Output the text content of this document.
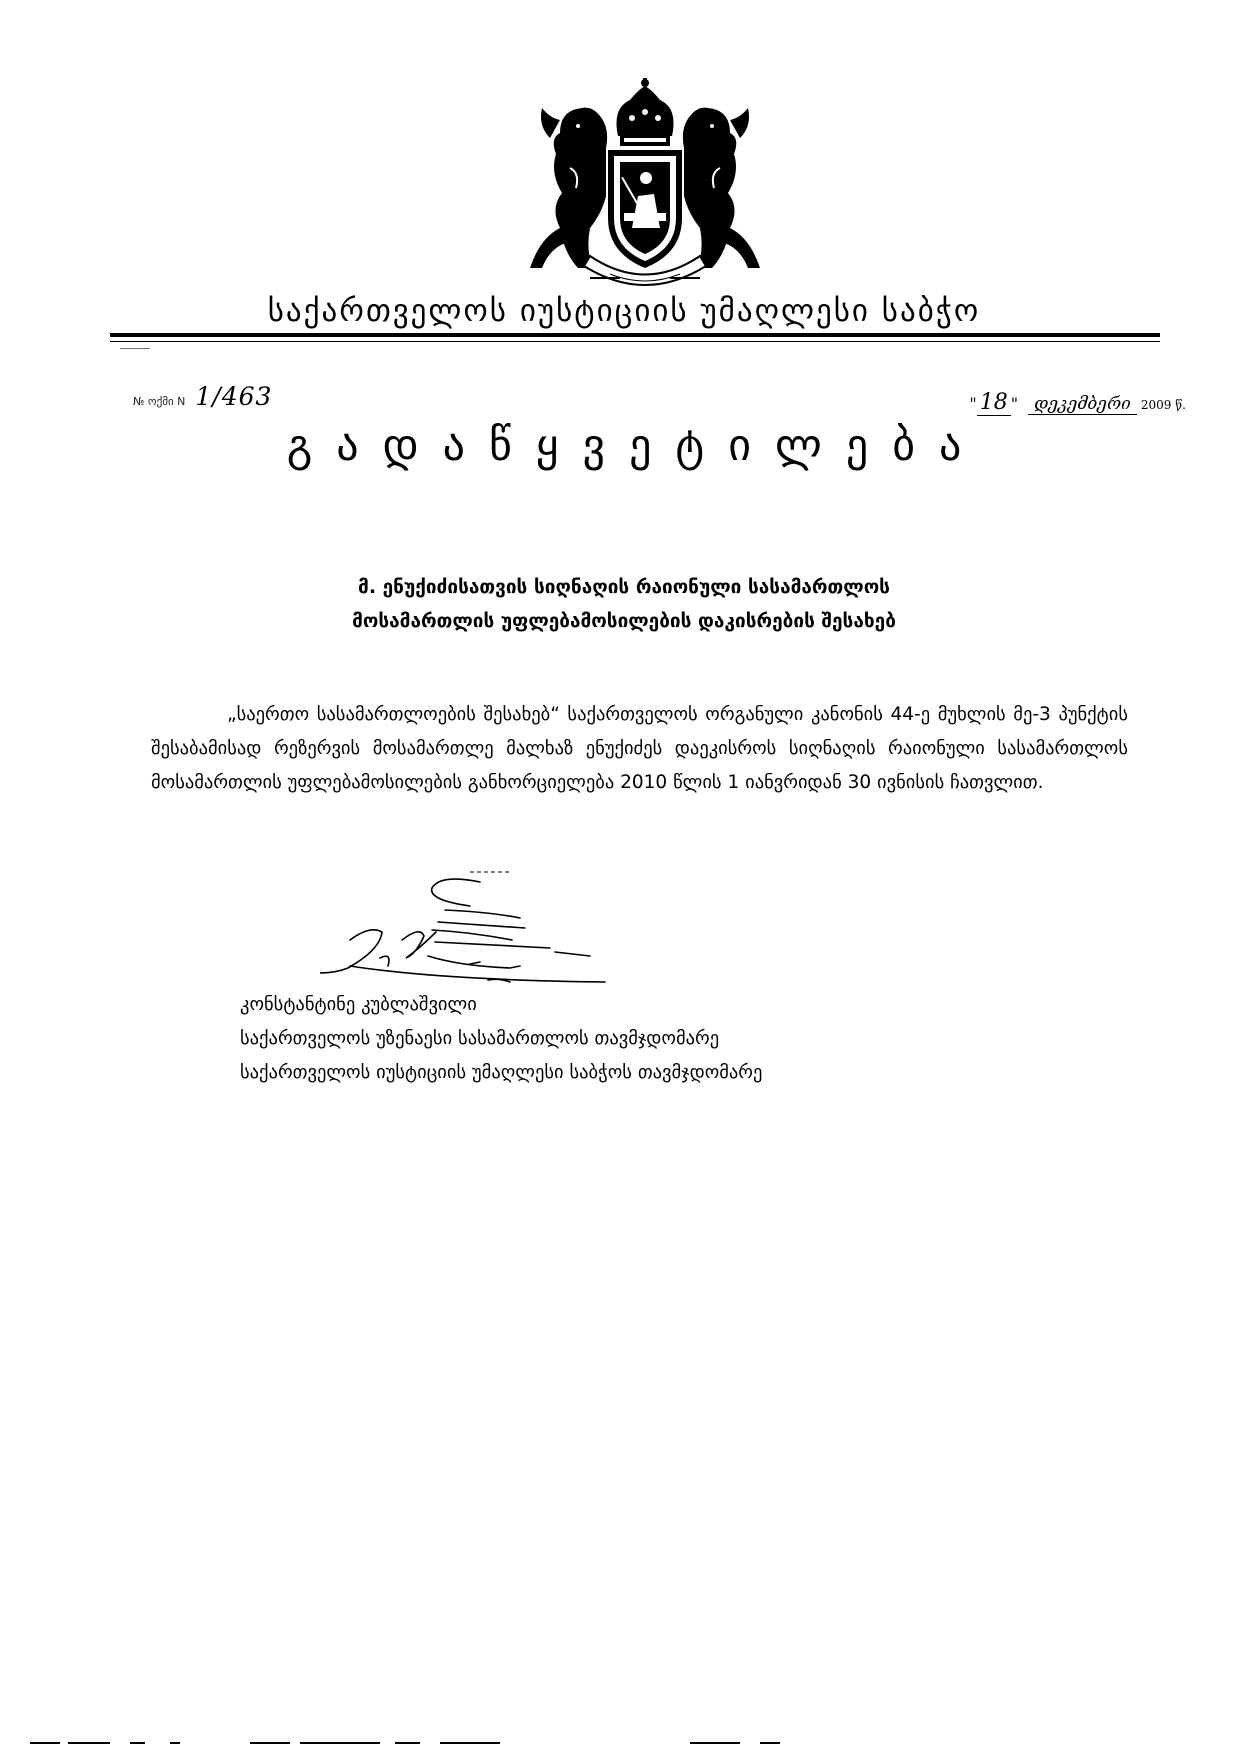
საქართველოს იუსტიციის უმაღლესი საბჭო
№ ოქმი N 1/463	" 18 " დეკემბერი 2009 წ.
გ ა დ ა წ ყ ვ ე ტ ი ლ ე ბ ა
მ. ენუქიძისათვის სიღნაღის რაიონული სასამართლოს
მოსამართლის უფლებამოსილების დაკისრების შესახებ
„საერთო სასამართლოების შესახებ“ საქართველოს ორგანული კანონის 44-ე მუხლის მე-3 პუნქტის შესაბამისად რეზერვის მოსამართლე მალხაზ ენუქიძეს დაეკისროს სიღნაღის რაიონული სასამართლოს მოსამართლის უფლებამოსილების განხორციელება 2010 წლის 1 იანვრიდან 30 ივნისის ჩათვლით.
კონსტანტინე კუბლაშვილი
საქართველოს უზენაესი სასამართლოს თავმჯდომარე
საქართველოს იუსტიციის უმაღლესი საბჭოს თავმჯდომარე
